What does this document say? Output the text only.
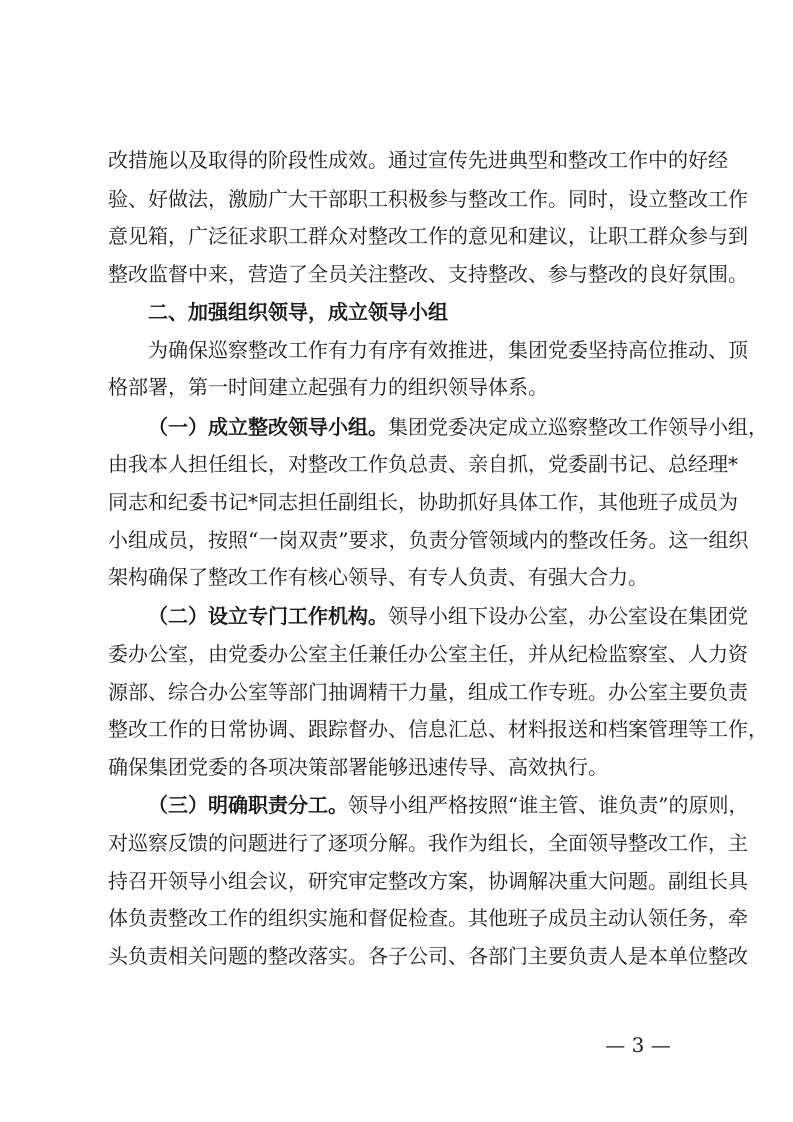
改措施以及取得的阶段性成效。通过宣传先进典型和整改工作中的好经
验、好做法，激励广大干部职工积极参与整改工作。同时，设立整改工作
意见箱，广泛征求职工群众对整改工作的意见和建议，让职工群众参与到
整改监督中来，营造了全员关注整改、支持整改、参与整改的良好氛围。
二、加强组织领导，成立领导小组
为确保巡察整改工作有力有序有效推进，集团党委坚持高位推动、顶
格部署，第一时间建立起强有力的组织领导体系。
（一）成立整改领导小组。集团党委决定成立巡察整改工作领导小组，
由我本人担任组长，对整改工作负总责、亲自抓，党委副书记、总经理*
同志和纪委书记*同志担任副组长，协助抓好具体工作，其他班子成员为
小组成员，按照“一岗双责”要求，负责分管领域内的整改任务。这一组织
架构确保了整改工作有核心领导、有专人负责、有强大合力。
（二）设立专门工作机构。领导小组下设办公室，办公室设在集团党
委办公室，由党委办公室主任兼任办公室主任，并从纪检监察室、人力资
源部、综合办公室等部门抽调精干力量，组成工作专班。办公室主要负责
整改工作的日常协调、跟踪督办、信息汇总、材料报送和档案管理等工作，
确保集团党委的各项决策部署能够迅速传导、高效执行。
（三）明确职责分工。领导小组严格按照“谁主管、谁负责”的原则，
对巡察反馈的问题进行了逐项分解。我作为组长，全面领导整改工作，主
持召开领导小组会议，研究审定整改方案，协调解决重大问题。副组长具
体负责整改工作的组织实施和督促检查。其他班子成员主动认领任务，牵
头负责相关问题的整改落实。各子公司、各部门主要负责人是本单位整改
— 3 —
